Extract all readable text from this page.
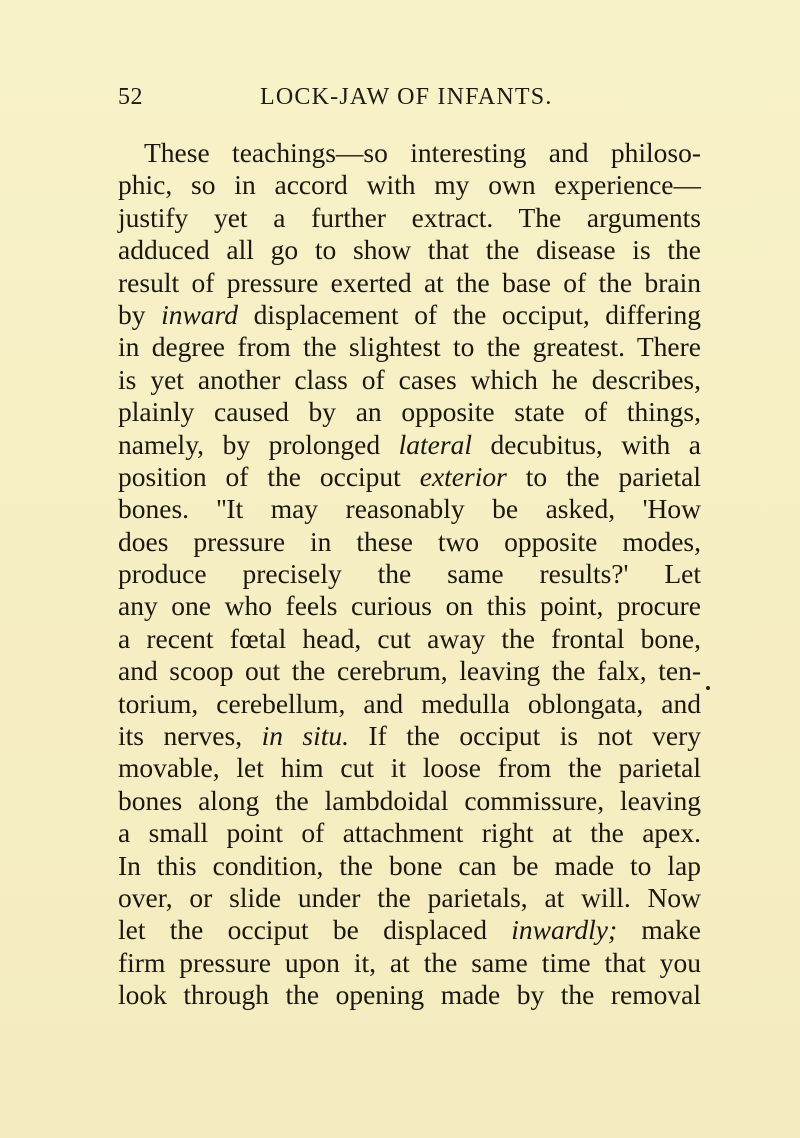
52	LOCK-JAW OF INFANTS.
These teachings—so interesting and philoso-
phic, so in accord with my own experience—
justify yet a further extract. The arguments
adduced all go to show that the disease is the
result of pressure exerted at the base of the brain
by inward displacement of the occiput, differing
in degree from the slightest to the greatest. There
is yet another class of cases which he describes,
plainly caused by an opposite state of things,
namely, by prolonged lateral decubitus, with a
position of the occiput exterior to the parietal
bones. ''It may reasonably be asked, 'How
does pressure in these two opposite modes,
produce precisely the same results?' Let
any one who feels curious on this point, procure
a recent fœtal head, cut away the frontal bone,
and scoop out the cerebrum, leaving the falx, ten-
torium, cerebellum, and medulla oblongata, and
its nerves, in situ. If the occiput is not very
movable, let him cut it loose from the parietal
bones along the lambdoidal commissure, leaving
a small point of attachment right at the apex.
In this condition, the bone can be made to lap
over, or slide under the parietals, at will. Now
let the occiput be displaced inwardly; make
firm pressure upon it, at the same time that you
look through the opening made by the removal
